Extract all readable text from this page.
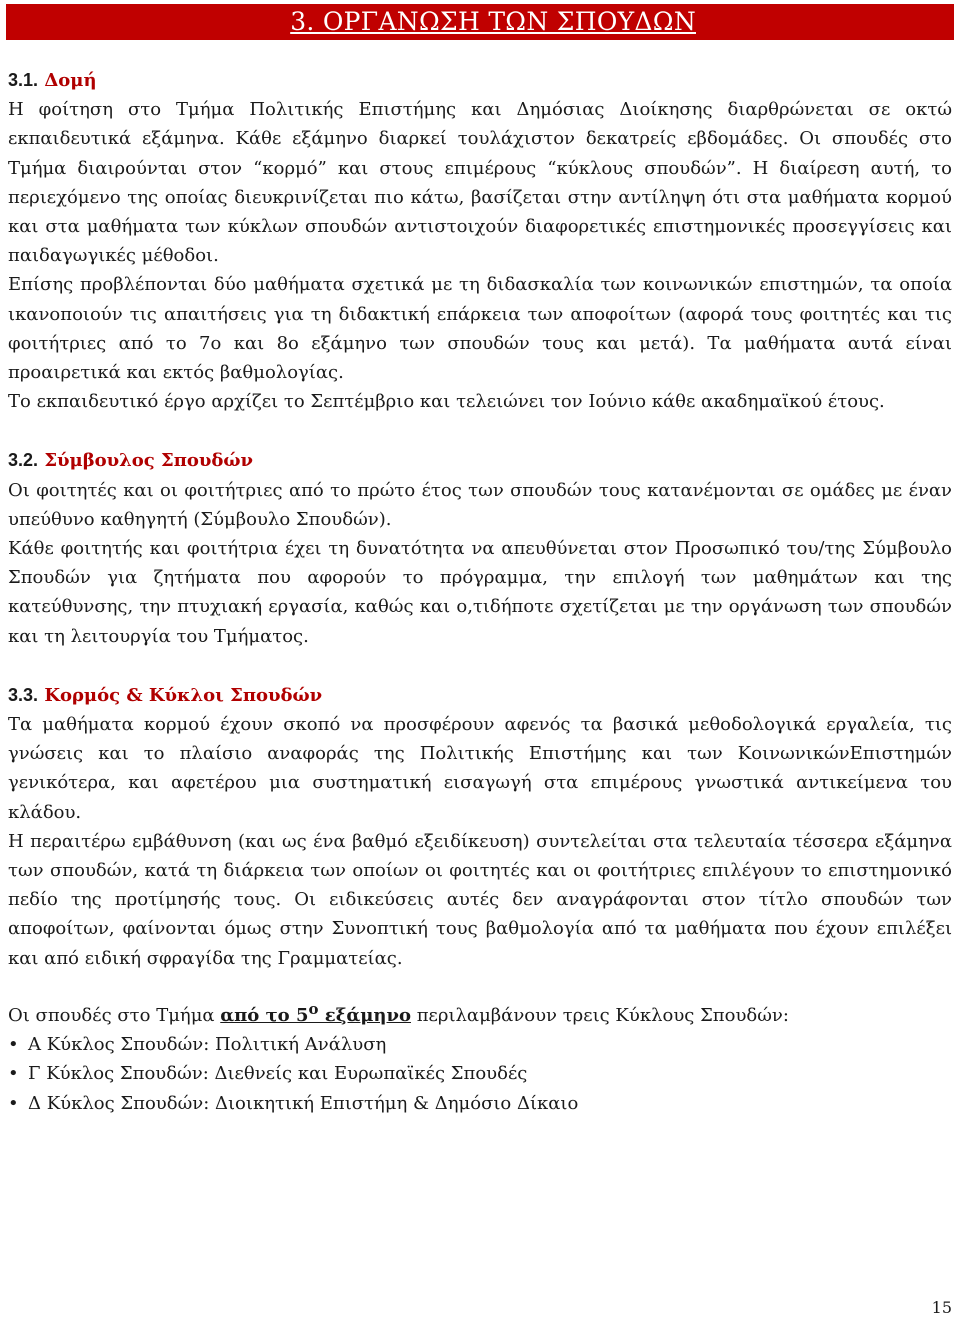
3. ΟΡΓΑΝΩΣΗ ΤΩΝ ΣΠΟΥΔΩΝ
3.1. Δομή

Η φοίτηση στο Τμήμα Πολιτικής Επιστήμης και Δημόσιας Διοίκησης διαρθρώνεται σε οκτώ εκπαιδευτικά εξάμηνα. Κάθε εξάμηνο διαρκεί τουλάχιστον δεκατρείς εβδομάδες. Οι σπουδές στο Τμήμα διαιρούνται στον “κορμό” και στους επιμέρους “κύκλους σπουδών”. Η διαίρεση αυτή, το περιεχόμενο της οποίας διευκρινίζεται πιο κάτω, βασίζεται στην αντίληψη ότι στα μαθήματα κορμού και στα μαθήματα των κύκλων σπουδών αντιστοιχούν διαφορετικές επιστημονικές προσεγγίσεις και παιδαγωγικές μέθοδοι.

Επίσης προβλέπονται δύο μαθήματα σχετικά με τη διδασκαλία των κοινωνικών επιστημών, τα οποία ικανοποιούν τις απαιτήσεις για τη διδακτική επάρκεια των αποφοίτων (αφορά τους φοιτητές και τις φοιτήτριες από το 7ο και 8ο εξάμηνο των σπουδών τους και μετά). Τα μαθήματα αυτά είναι προαιρετικά και εκτός βαθμολογίας.

Το εκπαιδευτικό έργο αρχίζει το Σεπτέμβριο και τελειώνει τον Ιούνιο κάθε ακαδημαϊκού έτους.

3.2. Σύμβουλος Σπουδών

Οι φοιτητές και οι φοιτήτριες από το πρώτο έτος των σπουδών τους κατανέμονται σε ομάδες με έναν υπεύθυνο καθηγητή (Σύμβουλο Σπουδών).

Κάθε φοιτητής και φοιτήτρια έχει τη δυνατότητα να απευθύνεται στον Προσωπικό του/της Σύμβουλο Σπουδών για ζητήματα που αφορούν το πρόγραμμα, την επιλογή των μαθημάτων και της κατεύθυνσης, την πτυχιακή εργασία, καθώς και ο,τιδήποτε σχετίζεται με την οργάνωση των σπουδών και τη λειτουργία του Τμήματος.

3.3. Κορμός & Κύκλοι Σπουδών

Τα μαθήματα κορμού έχουν σκοπό να προσφέρουν αφενός τα βασικά μεθοδολογικά εργαλεία, τις γνώσεις και το πλαίσιο αναφοράς της Πολιτικής Επιστήμης και των ΚοινωνικώνΕπιστημών γενικότερα, και αφετέρου μια συστηματική εισαγωγή στα επιμέρους γνωστικά αντικείμενα του κλάδου.

Η περαιτέρω εμβάθυνση (και ως ένα βαθμό εξειδίκευση) συντελείται στα τελευταία τέσσερα εξάμηνα των σπουδών, κατά τη διάρκεια των οποίων οι φοιτητές και οι φοιτήτριες επιλέγουν το επιστημονικό πεδίο της προτίμησής τους. Οι ειδικεύσεις αυτές δεν αναγράφονται στον τίτλο σπουδών των αποφοίτων, φαίνονται όμως στην Συνοπτική τους βαθμολογία από τα μαθήματα που έχουν επιλέξει και από ειδική σφραγίδα της Γραμματείας.

Οι σπουδές στο Τμήμα από το $5^o$ εξάμηνο περιλαμβάνουν τρεις Κύκλους Σπουδών:

• Α Κύκλος Σπουδών: Πολιτική Ανάλυση
• Γ Κύκλος Σπουδών: Διεθνείς και Ευρωπαϊκές Σπουδές
• Δ Κύκλος Σπουδών: Διοικητική Επιστήμη & Δημόσιο Δίκαιο
15
